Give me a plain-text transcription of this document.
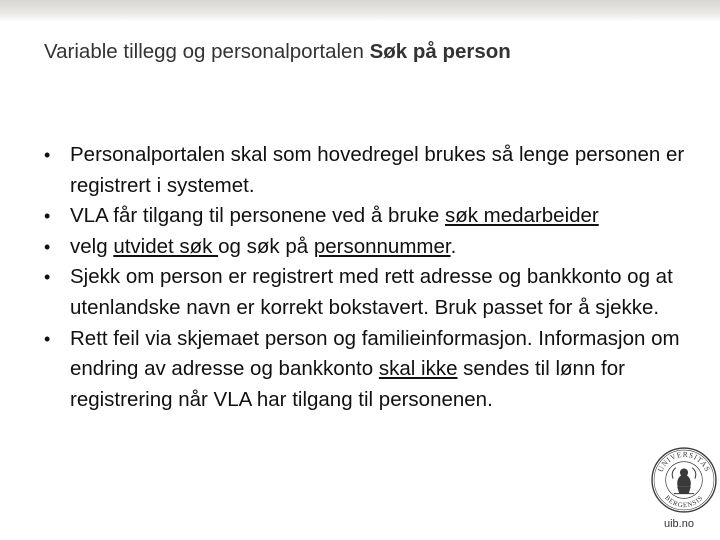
Variable tillegg og personalportalen Søk på person
• Personalportalen skal som hovedregel brukes så lenge personen er registrert i systemet.
• VLA får tilgang til personene ved å bruke søk medarbeider
• velg utvidet søk og søk på personnummer.
• Sjekk om person er registrert med rett adresse og bankkonto og at utenlandske navn er korrekt bokstavert. Bruk passet for å sjekke.
• Rett feil via skjemaet person og familieinformasjon. Informasjon om endring av adresse og bankkonto skal ikke sendes til lønn for registrering når VLA har tilgang til personenen.
UNIVERSITAS
BERGENSIS
uib.no
